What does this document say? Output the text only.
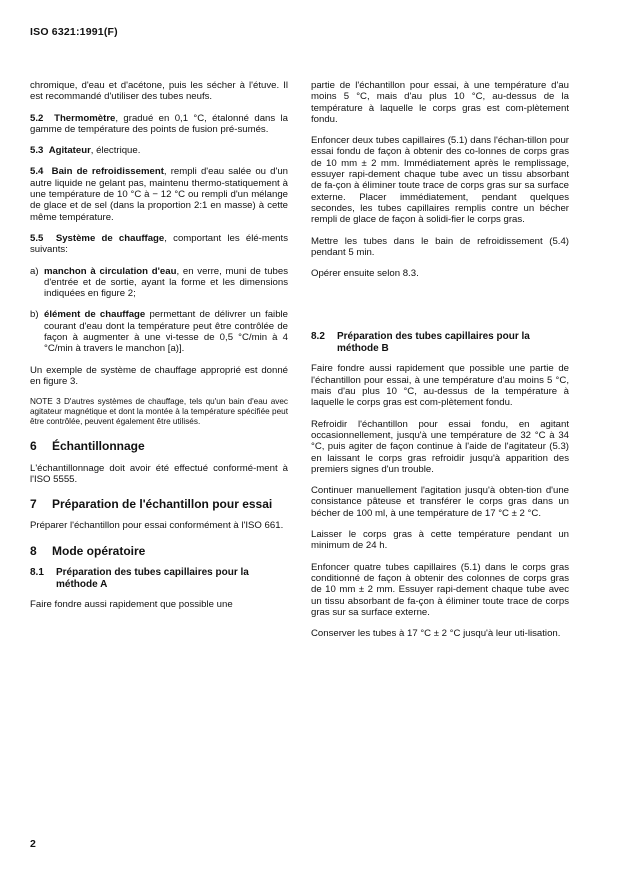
ISO 6321:1991(F)

chromique, d'eau et d'acétone, puis les sécher à l'étuve. Il est recommandé d'utiliser des tubes neufs.

5.2 Thermomètre, gradué en 0,1 °C, étalonné dans la gamme de température des points de fusion pré-sumés.

5.3 Agitateur, électrique.

5.4 Bain de refroidissement, rempli d'eau salée ou d'un autre liquide ne gelant pas, maintenu thermo-statiquement à une température de 10 °C à − 12 °C ou rempli d'un mélange de glace et de sel (dans la proportion 2:1 en masse) à cette même température.

5.5 Système de chauffage, comportant les élé-ments suivants:

a) manchon à circulation d'eau, en verre, muni de tubes d'entrée et de sortie, ayant la forme et les dimensions indiquées en figure 2;
b) élément de chauffage permettant de délivrer un faible courant d'eau dont la température peut être contrôlée de façon à augmenter à une vi-tesse de 0,5 °C/min à 4 °C/min à travers le manchon [a)].

Un exemple de système de chauffage approprié est donné en figure 3.

NOTE 3 D'autres systèmes de chauffage, tels qu'un bain d'eau avec agitateur magnétique et dont la montée à la température spécifiée peut être contrôlée, peuvent également être utilisés.
6	Échantillonnage

L'échantillonnage doit avoir été effectué conformé-ment à l'ISO 5555.

7	Préparation de l'échantillon pour essai

Préparer l'échantillon pour essai conformément à l'ISO 661.

8	Mode opératoire
8.1	Préparation des tubes capillaires pour la méthode A

Faire fondre aussi rapidement que possible une

partie de l'échantillon pour essai, à une température d'au moins 5 °C, mais d'au plus 10 °C, au-dessus de la température à laquelle le corps gras est com-plètement fondu.

Enfoncer deux tubes capillaires (5.1) dans l'échan-tillon pour essai fondu de façon à obtenir des co-lonnes de corps gras de 10 mm ± 2 mm. Immédiatement après le remplissage, essuyer rapi-dement chaque tube avec un tissu absorbant de fa-çon à éliminer toute trace de corps gras sur sa surface externe. Placer immédiatement, pendant quelques secondes, les tubes capillaires remplis contre un bécher rempli de glace de façon à solidi-fier le corps gras.

Mettre les tubes dans le bain de refroidissement (5.4) pendant 5 min.

Opérer ensuite selon 8.3.

8.2	Préparation des tubes capillaires pour la méthode B

Faire fondre aussi rapidement que possible une partie de l'échantillon pour essai, à une température d'au moins 5 °C, mais d'au plus 10 °C, au-dessus de la température à laquelle le corps gras est com-plètement fondu.

Refroidir l'échantillon pour essai fondu, en agitant occasionnellement, jusqu'à une température de 32 °C à 34 °C, puis agiter de façon continue à l'aide de l'agitateur (5.3) en laissant le corps gras refroidir jusqu'à apparition des premiers signes d'un trouble.

Continuer manuellement l'agitation jusqu'à obten-tion d'une consistance pâteuse et transférer le corps gras dans un bécher de 100 ml, à une température de 17 °C ± 2 °C.

Laisser le corps gras à cette température pendant un minimum de 24 h.

Enfoncer quatre tubes capillaires (5.1) dans le corps gras conditionné de façon à obtenir des colonnes de corps gras de 10 mm ± 2 mm. Essuyer rapi-dement chaque tube avec un tissu absorbant de fa-çon à éliminer toute trace de corps gras sur sa surface externe.

Conserver les tubes à 17 °C ± 2 °C jusqu'à leur uti-lisation.

2
